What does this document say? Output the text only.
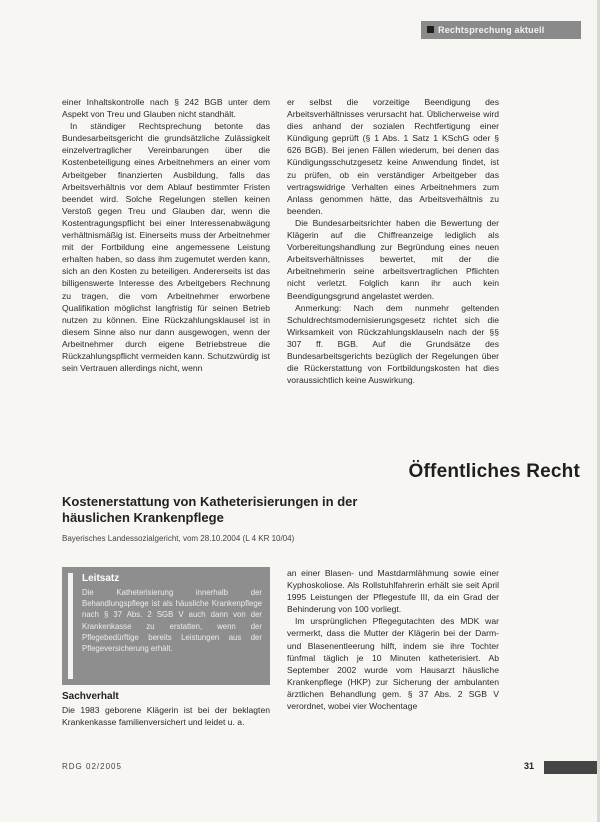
Rechtsprechung aktuell

einer Inhaltskontrolle nach § 242 BGB unter dem Aspekt von Treu und Glauben nicht standhält.

In ständiger Rechtsprechung betonte das Bundesarbeitsgericht die grundsätzliche Zulässigkeit einzelvertraglicher Vereinbarungen über die Kostenbeteiligung eines Arbeitnehmers an einer vom Arbeitgeber finanzierten Ausbildung, falls das Arbeitsverhältnis vor dem Ablauf bestimmter Fristen beendet wird. Solche Regelungen stellen keinen Verstoß gegen Treu und Glauben dar, wenn die Kostentragungspflicht bei einer Interessenabwägung verhältnismäßig ist. Einerseits muss der Arbeitnehmer mit der Fortbildung eine angemessene Leistung erhalten haben, so dass ihm zugemutet werden kann, sich an den Kosten zu beteiligen. Andererseits ist das billigenswerte Interesse des Arbeitgebers Rechnung zu tragen, die vom Arbeitnehmer erworbene Qualifikation möglichst langfristig für seinen Betrieb nutzen zu können. Eine Rückzahlungsklausel ist in diesem Sinne also nur dann ausgewogen, wenn der Arbeitnehmer durch eigene Betriebstreue die Rückzahlungspflicht vermeiden kann. Schutzwürdig ist sein Vertrauen allerdings nicht, wenn

er selbst die vorzeitige Beendigung des Arbeitsverhältnisses verursacht hat. Üblicherweise wird dies anhand der sozialen Rechtfertigung einer Kündigung geprüft (§ 1 Abs. 1 Satz 1 KSchG oder § 626 BGB). Bei jenen Fällen wiederum, bei denen das Kündigungsschutzgesetz keine Anwendung findet, ist zu prüfen, ob ein verständiger Arbeitgeber das vertragswidrige Verhalten eines Arbeitnehmers zum Anlass genommen hätte, das Arbeitsverhältnis zu beenden.

Die Bundesarbeitsrichter haben die Bewertung der Klägerin auf die Chiffreanzeige lediglich als Vorbereitungshandlung zur Begründung eines neuen Arbeitsverhältnisses bewertet, mit der die Arbeitnehmerin seine arbeitsvertraglichen Pflichten nicht verletzt. Folglich kann ihr auch kein Beendigungsgrund angelastet werden.

Anmerkung: Nach dem nunmehr geltenden Schuldrechtsmodernisierungsgesetz richtet sich die Wirksamkeit von Rückzahlungsklauseln nach der §§ 307 ff. BGB. Auf die Grundsätze des Bundesarbeitsgerichts bezüglich der Regelungen über die Rückerstattung von Fortbildungskosten hat dies voraussichtlich keine Auswirkung.

Öffentliches Recht
Kostenerstattung von Katheterisierungen in der häuslichen Krankenpflege
Bayerisches Landessozialgericht, vom 28.10.2004 (L 4 KR 10/04)
Leitsatz
Die Katheterisierung innerhalb der Behandlungspflege ist als häusliche Krankenpflege nach § 37 Abs. 2 SGB V auch dann von der Krankenkasse zu erstatten, wenn der Pflegebedürftige bereits Leistungen aus der Pflegeversicherung erhält.
Sachverhalt

Die 1983 geborene Klägerin ist bei der beklagten Krankenkasse familienversichert und leidet u. a.

an einer Blasen- und Mastdarmlähmung sowie einer Kyphoskoliose. Als Rollstuhlfahrerin erhält sie seit April 1995 Leistungen der Pflegestufe III, da ein Grad der Behinderung von 100 vorliegt.

Im ursprünglichen Pflegegutachten des MDK war vermerkt, dass die Mutter der Klägerin bei der Darm- und Blasenentleerung hilft, indem sie ihre Tochter fünfmal täglich je 10 Minuten katheterisiert. Ab September 2002 wurde vom Hausarzt häusliche Krankenpflege (HKP) zur Sicherung der ambulanten ärztlichen Behandlung gem. § 37 Abs. 2 SGB V verordnet, wobei vier Wochentage

RDG 02/2005	31
